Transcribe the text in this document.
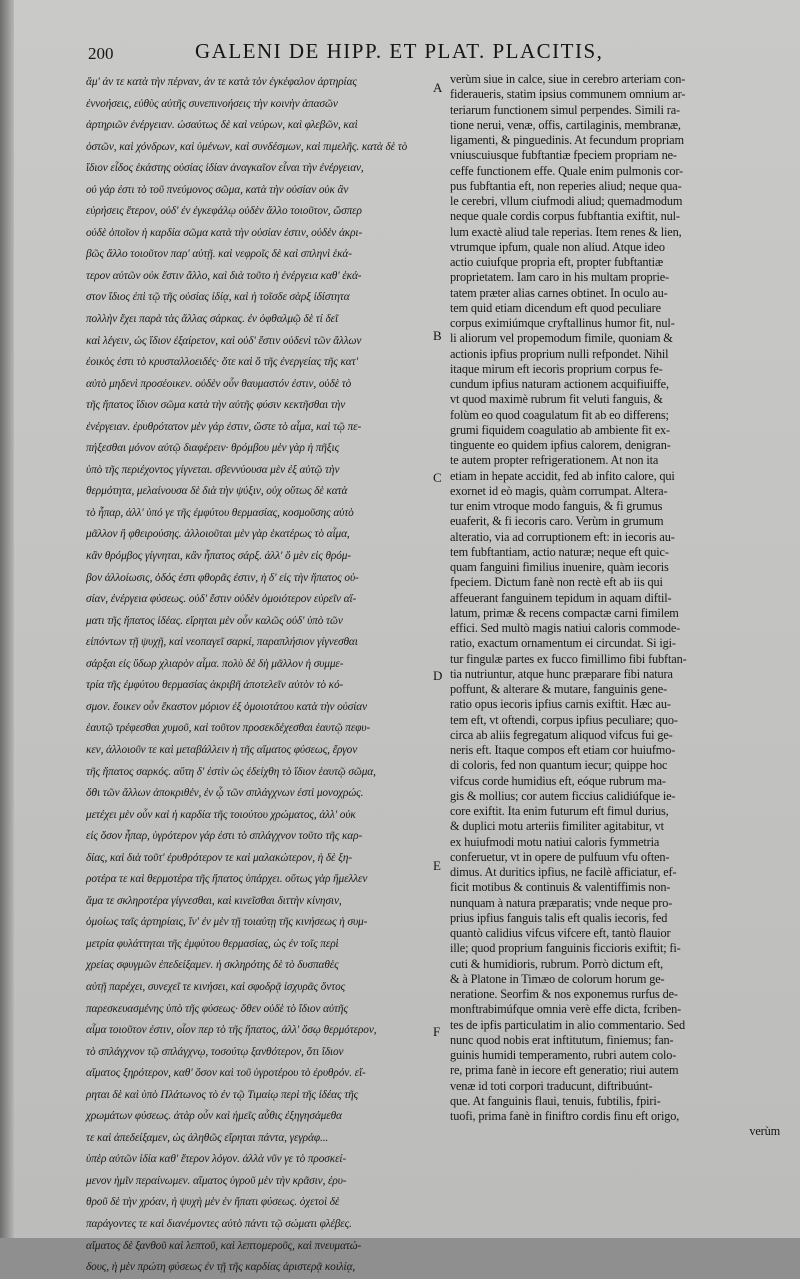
200	GALENI DE HIPP. ET PLAT. PLACITIS,
ἅμ' ἀν τε κατὰ τὴν πέρναν, ἀν τε κατὰ τὸν ἐγκέφαλον ἀρτηρίας
ἐννοήσεις, εὐθὺς αὐτῆς συνεπινοήσεις τὴν κοινὴν ἁπασῶν
ἀρτηριῶν ἐνέργειαν. ὡσαύτως δὲ καὶ νεύρων, καὶ φλεβῶν, καὶ
ὀστῶν, καὶ χόνδρων, καὶ ὑμένων, καὶ συνδέσμων, καὶ πιμελῆς. κατὰ δὲ τὸ
ἴδιον εἶδος ἑκάστης οὐσίας ἰδίαν ἀναγκαῖον εἶναι τὴν ἐνέργειαν,
οὐ γάρ ἐστι τὸ τοῦ πνεύμονος σῶμα, κατὰ τὴν οὐσίαν οὐκ ἂν
εὑρήσεις ἕτερον, οὐδ' ἐν ἐγκεφάλῳ οὐδὲν ἄλλο τοιοῦτον, ὥσπερ
οὐδὲ ὁποῖον ἡ καρδία σῶμα κατὰ τὴν οὐσίαν ἐστιν, οὐδὲν ἀκρι-
βῶς ἄλλο τοιοῦτον παρ' αὐτῇ. καὶ νεφροῖς δὲ καὶ σπληνὶ ἑκά-
τερον αὐτῶν οὐκ ἔστιν ἄλλο, καὶ διὰ τοῦτο ἡ ἐνέργεια καθ' ἑκά-
στον ἴδιος ἐπὶ τῷ τῆς οὐσίας ἰδίᾳ, καὶ ἡ τοῖσδε σὰρξ ἰδίστητα
πολλὴν ἔχει παρὰ τὰς ἄλλας σάρκας. ἐν ὀφθαλμῷ δὲ τί δεῖ
καὶ λέγειν, ὡς ἴδιον ἐξαίρετον, καὶ οὐδ' ἔστιν οὐδενὶ τῶν ἄλλων
ἐοικὸς ἐστι τὸ κρυσταλλοειδές· ὅτε καὶ ὅ τῆς ἐνεργείας τῆς κατ'
αὐτὸ μηδενὶ προσέοικεν. οὐδὲν οὖν θαυμαστόν ἐστιν, οὐδὲ τὸ
τῆς ἥπατος ἴδιον σῶμα κατὰ τὴν αὐτῆς φύσιν κεκτῆσθαι τὴν
ἐνέργειαν. ἐρυθρότατον μὲν γάρ ἐστιν, ὥστε τὸ αἷμα, καὶ τῷ πε-
πήξεσθαι μόνον αὐτῷ διαφέρειν· θρόμβου μὲν γὰρ ἡ πῆξις
ὑπὸ τῆς περιέχοντος γίγνεται. σβεννύουσα μὲν ἐξ αὐτῷ τὴν
θερμότητα, μελαίνουσα δὲ διὰ τὴν ψύξιν, οὐχ οὕτως δὲ κατὰ
τὸ ἧπαρ, ἀλλ' ὑπό γε τῆς ἐμφύτου θερμασίας, κοσμοῦσης αὐτὸ
μᾶλλον ἢ φθειρούσης. ἀλλοιοῦται μὲν γὰρ ἑκατέρως τὸ αἷμα,
κἂν θρόμβος γίγνηται, κἂν ἧπατος σάρξ. ἀλλ' ὅ μὲν εἰς θρόμ-
βον ἀλλοίωσις, ὁδός ἐστι φθορᾶς ἐστιν, ἡ δ' εἰς τὴν ἥπατος οὐ-
σίαν, ἐνέργεια φύσεως. οὐδ' ἔστιν οὐδὲν ὁμοιότερον εὑρεῖν αἵ-
ματι τῆς ἥπατος ἰδέας. εἴρηται μὲν οὖν καλῶς οὐδ' ὑπὸ τῶν
εἰπόντων τῇ ψυχῇ, καὶ νεοπαγεῖ σαρκί, παραπλήσιον γίγνεσθαι
σάρξαι εἰς ὕδωρ χλιαρὸν αἷμα. πολὺ δὲ δὴ μᾶλλον ἡ συμμε-
τρία τῆς ἐμφύτου θερμασίας ἀκριβῆ ἀποτελεῖν αὐτὸν τὸ κό-
σμον. ἔοικεν οὖν ἕκαστον μόριον ἐξ ὁμοιοτάτου κατὰ τὴν οὐσίαν
ἑαυτῷ τρέφεσθαι χυμοῦ, καὶ τοῦτον προσεκδέχεσθαι ἑαυτῷ πεφυ-
κεν, ἀλλοιοῦν τε καὶ μεταβάλλειν ἡ τῆς αἵματος φύσεως, ἔργον
τῆς ἥπατος σαρκός. αὕτη δ' ἐστὶν ὡς ἐδείχθη τὸ ἴδιον ἑαυτῷ σῶμα,
ὅθι τῶν ἄλλων ἀποκριθέν, ἐν ᾧ τῶν σπλάγχνων ἐστὶ μονοχρώς.
μετέχει μὲν οὖν καὶ ἡ καρδία τῆς τοιούτου χρώματος, ἀλλ' οὐκ
εἰς ὅσον ἧπαρ, ὑγρότερον γάρ ἐστι τὸ σπλάγχνον τοῦτο τῆς καρ-
δίας, καὶ διὰ τοῦτ' ἐρυθρότερον τε καὶ μαλακώτερον, ἡ δὲ ξη-
ροτέρα τε καὶ θερμοτέρα τῆς ἥπατος ὑπάρχει. οὕτως γὰρ ἤμελλεν
ἅμα τε σκληροτέρα γίγνεσθαι, καὶ κινεῖσθαι διττὴν κίνησιν,
ὁμοίως ταῖς ἀρτηρίαις, ἵν' ἐν μὲν τῇ τοιαύτῃ τῆς κινήσεως ἡ συμ-
μετρία φυλάττηται τῆς ἐμφύτου θερμασίας, ὡς ἐν τοῖς περὶ
χρείας σφυγμῶν ἐπεδείξαμεν. ἡ σκληρότης δὲ τὸ δυσπαθὲς
αὐτῇ παρέχει, συνεχεῖ τε κινήσει, καὶ σφοδρᾷ ἰσχυρᾶς ὄντος
παρεσκευασμένης ὑπὸ τῆς φύσεως· ὅθεν οὐδὲ τὸ ἴδιον αὐτῆς
αἷμα τοιοῦτον ἐστιν, οἷον περ τὸ τῆς ἥπατος, ἀλλ' ὅσῳ θερμότερον,
τὸ σπλάγχνον τῷ σπλάγχνῳ, τοσούτῳ ξανθότερον, ὅτι ἴδιον
αἵματος ξηρότερον, καθ' ὅσον καὶ τοῦ ὑγροτέρου τὸ ἐρυθρόν. εἴ-
ρηται δὲ καὶ ὑπὸ Πλάτωνος τὸ ἐν τῷ Τιμαίῳ περὶ τῆς ἰδέας τῆς
χρωμάτων φύσεως. ἀτὰρ οὖν καὶ ἡμεῖς αὖθις ἐξηγησάμεθα
τε καὶ ἀπεδείξαμεν, ὡς ἀληθῶς εἴρηται πάντα, γεγράφ...
ὑπὲρ αὐτῶν ἰδία καθ' ἕτερον λόγον. ἀλλὰ νῦν γε τὸ προσκεί-
μενον ἡμῖν περαίνωμεν. αἵματος ὑγροῦ μὲν τὴν κρᾶσιν, ἐρυ-
θροῦ δὲ τὴν χρόαν, ἡ ψυχὴ μὲν ἐν ἥπατι φύσεως. ὀχετοὶ δὲ
παράγοντες τε καὶ διανέμοντες αὐτὸ πάντι τῷ σώματι φλέβες.
αἵματος δὲ ξανθοῦ καὶ λεπτοῦ, καὶ λεπτομεροῦς, καὶ πνευματώ-
δους, ἡ μὲν πρώτη φύσεως ἐν τῇ τῆς καρδίας ἀριστερᾷ κοιλίᾳ,
A
B
C
D
E
F
verùm siue in calce, siue in cerebro arteriam con-
fideraueris, statim ipsius communem omnium ar-
teriarum functionem simul perpendes. Simili ra-
tione nerui, venæ, offis, cartilaginis, membranæ,
ligamenti, & pinguedinis. At fecundum propriam
vniuscuiusque fubftantiæ fpeciem propriam ne-
ceffe functionem effe. Quale enim pulmonis cor-
pus fubftantia eft, non reperies aliud; neque qua-
le cerebri, vllum ciufmodi aliud; quemadmodum
neque quale cordis corpus fubftantia exiftit, nul-
lum exactè aliud tale reperias. Item renes & lien,
vtrumque ipfum, quale non aliud. Atque ideo
actio cuiufque propria eft, propter fubftantiæ
proprietatem. Iam caro in his multam proprie-
tatem præter alias carnes obtinet. In oculo au-
tem quid etiam dicendum eft quod peculiare
corpus eximiúmque cryftallinus humor fit, nul-
li aliorum vel propemodum fimile, quoniam &
actionis ipfius proprium nulli refpondet. Nihil
itaque mirum eft iecoris proprium corpus fe-
cundum ipfius naturam actionem acquifiuiffe,
vt quod maximè rubrum fit veluti fanguis, &
folùm eo quod coagulatum fit ab eo differens;
grumi fiquidem coagulatio ab ambiente fit ex-
tinguente eo quidem ipfius calorem, denigran-
te autem propter refrigerationem. At non ita
etiam in hepate accidit, fed ab infito calore, qui
exornet id eò magis, quàm corrumpat. Altera-
tur enim vtroque modo fanguis, & fi grumus
euaferit, & fi iecoris caro. Verùm in grumum
alteratio, via ad corruptionem eft: in iecoris au-
tem fubftantiam, actio naturæ; neque eft quic-
quam fanguini fimilius inuenire, quàm iecoris
fpeciem. Dictum fanè non rectè eft ab iis qui
affeuerant fanguinem tepidum in aquam diftil-
latum, primæ & recens compactæ carni fimilem
effici. Sed multò magis natiui caloris commode-
ratio, exactum ornamentum ei circundat. Si igi-
tur fingulæ partes ex fucco fimillimo fibi fubftan-
tia nutriuntur, atque hunc præparare fibi natura
poffunt, & alterare & mutare, fanguinis gene-
ratio opus iecoris ipfius carnis exiftit. Hæc au-
tem eft, vt oftendi, corpus ipfius peculiare; quo-
circa ab aliis fegregatum aliquod vifcus fui ge-
neris eft. Itaque compos eft etiam cor huiufmo-
di coloris, fed non quantum iecur; quippe hoc
vifcus corde humidius eft, eóque rubrum ma-
gis & mollius; cor autem ficcius calidiúfque ie-
core exiftit. Ita enim futurum eft fimul durius,
& duplici motu arteriis fimiliter agitabitur, vt
ex huiufmodi motu natiui caloris fymmetria
conferuetur, vt in opere de pulfuum vfu often-
dimus. At duritics ipfius, ne facilè afficiatur, ef-
ficit motibus & continuis & valentiffimis non-
nunquam à natura præparatis; vnde neque pro-
prius ipfius fanguis talis eft qualis iecoris, fed
quantò calidius vifcus vifcere eft, tantò flauior
ille; quod proprium fanguinis ficcioris exiftit; fi-
cuti & humidioris, rubrum. Porrò dictum eft,
& à Platone in Timæo de colorum horum ge-
neratione. Seorfim & nos exponemus rurfus de-
monftrabimúfque omnia verè effe dicta, fcriben-
tes de ipfis particulatim in alio commentario. Sed
nunc quod nobis erat inftitutum, finiemus; fan-
guinis humidi temperamento, rubri autem colo-
re, prima fanè in iecore eft generatio; riui autem
venæ id toti corpori traducunt, diftribuúnt-
que. At fanguinis flaui, tenuis, fubtilis, fpiri-
tuofi, prima fanè in finiftro cordis finu eft origo,
verùm
